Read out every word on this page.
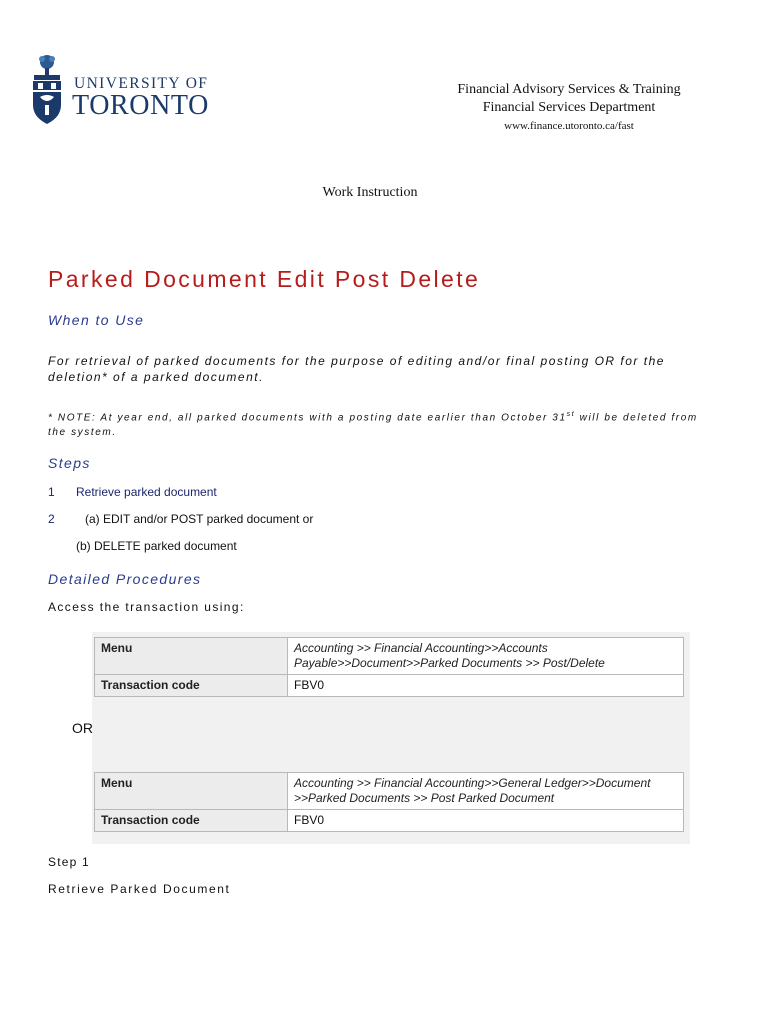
UNIVERSITY OF
TORONTO
Financial Advisory Services & Training
Financial Services Department
www.finance.utoronto.ca/fast
Work Instruction
Parked Document Edit Post Delete
When to Use
For retrieval of parked documents for the purpose of editing and/or final posting OR for the deletion* of a parked document.
* NOTE: At year end, all parked documents with a posting date earlier than October 31st will be deleted from the system.
Steps
1 Retrieve parked document
2	(a) EDIT and/or POST parked document or
(b) DELETE parked document
Detailed Procedures
Access the transaction using:
Menu	Accounting >> Financial Accounting>>Accounts Payable>>Document>>Parked Documents >> Post/Delete
Transaction code	FBV0
OR
Menu	Accounting >> Financial Accounting>>General Ledger>>Document >>Parked Documents >> Post Parked Document
Transaction code	FBV0
Step 1
Retrieve Parked Document
